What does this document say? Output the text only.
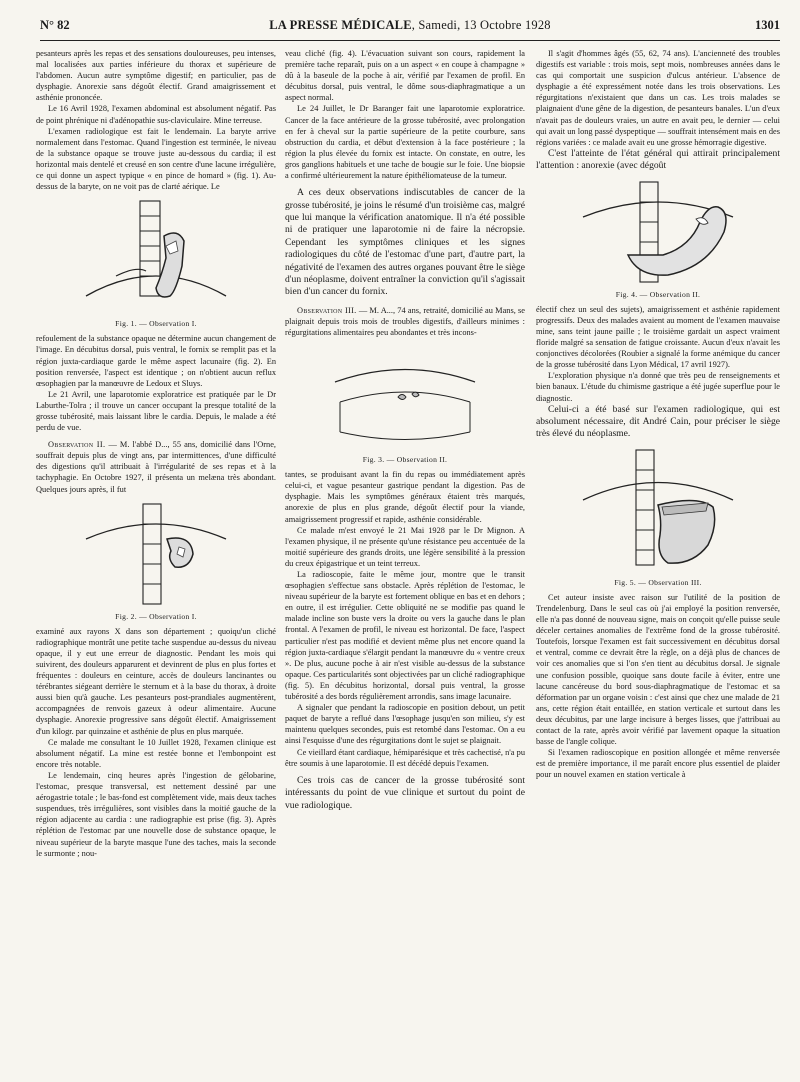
N° 82	LA PRESSE MÉDICALE, Samedi, 13 Octobre 1928	1301

pesanteurs après les repas et des sensations douloureuses, peu intenses, mal localisées aux parties inférieure du thorax et supérieure de l'abdomen. Aucun autre symptôme digestif; en particulier, pas de dysphagie. Anorexie sans dégoût électif. Grand amaigrissement et asthénie prononcée.

Le 16 Avril 1928, l'examen abdominal est absolument négatif. Pas de point phrénique ni d'adénopathie sus-claviculaire. Mine terreuse.

L'examen radiologique est fait le lendemain. La baryte arrive normalement dans l'estomac. Quand l'ingestion est terminée, le niveau de la substance opaque se trouve juste au-dessous du cardia; il est horizontal mais dentelé et creusé en son centre d'une lacune irrégulière, ce qui donne un aspect typique « en pince de homard » (fig. 1). Au-dessus de la baryte, on ne voit pas de clarté aérique. Le

Fig. 1. — Observation I.

refoulement de la substance opaque ne détermine aucun changement de l'image. En décubitus dorsal, puis ventral, le fornix se remplit pas et la région juxta-cardiaque garde le même aspect lacunaire (fig. 2). En position renversée, l'aspect est identique ; on n'obtient aucun reflux œsophagien par la manœuvre de Ledoux et Sluys.

Le 21 Avril, une laparotomie exploratrice est pratiquée par le Dr Laburthe-Tolra ; il trouve un cancer occupant la presque totalité de la grosse tubérosité, mais laissant libre le cardia. Depuis, le malade a été perdu de vue.

Observation II. — M. l'abbé D..., 55 ans, domicilié dans l'Orne, souffrait depuis plus de vingt ans, par intermittences, d'une difficulté des digestions qu'il attribuait à l'irrégularité de ses repas et à la tachyphagie. En Octobre 1927, il présenta un melæna très abondant. Quelques jours après, il fut

Fig. 2. — Observation I.

examiné aux rayons X dans son département ; quoiqu'un cliché radiographique montrât une petite tache suspendue au-dessus du niveau opaque, il y eut une erreur de diagnostic. Pendant les mois qui suivirent, des douleurs apparurent et devinrent de plus en plus fortes et fréquentes : douleurs en ceinture, accès de douleurs lancinantes ou térébrantes siégeant derrière le sternum et à la base du thorax, à droite aussi bien qu'à gauche. Les pesanteurs post-prandiales augmentèrent, accompagnées de renvois gazeux à odeur alimentaire. Aucune dysphagie. Anorexie progressive sans dégoût électif. Amaigrissement d'un kilogr. par quinzaine et asthénie de plus en plus marquée.

Ce malade me consultant le 10 Juillet 1928, l'examen clinique est absolument négatif. La mine est restée bonne et l'embonpoint est encore très notable.

Le lendemain, cinq heures après l'ingestion de gélobarine, l'estomac, presque transversal, est nettement dessiné par une aérogastrie totale ; le bas-fond est complètement vide, mais deux taches suspendues, très irrégulières, sont visibles dans la moitié gauche de la région adjacente au cardia : une radiographie est prise (fig. 3). Après réplétion de l'estomac par une nouvelle dose de substance opaque, le niveau supérieur de la baryte masque l'une des taches, mais la seconde le surmonte ; nou-

veau cliché (fig. 4). L'évacuation suivant son cours, rapidement la première tache reparaît, puis on a un aspect « en coupe à champagne » dû à la baseule de la poche à air, vérifié par l'examen de profil. En décubitus dorsal, puis ventral, le dôme sous-diaphragmatique a un aspect normal.

Le 24 Juillet, le Dr Baranger fait une laparotomie exploratrice. Cancer de la face antérieure de la grosse tubérosité, avec prolongation en fer à cheval sur la partie supérieure de la petite courbure, sans obstruction du cardia, et début d'extension à la face postérieure ; la région la plus élevée du fornix est intacte. On constate, en outre, les gros ganglions habituels et une tache de bougie sur le foie. Une biopsie a confirmé ultérieurement la nature épithéliomateuse de la tumeur.

A ces deux observations indiscutables de cancer de la grosse tubérosité, je joins le résumé d'un troisième cas, malgré que lui manque la vérification anatomique. Il n'a été possible ni de pratiquer une laparotomie ni de faire la nécropsie. Cependant les symptômes cliniques et les signes radiologiques du côté de l'estomac d'une part, d'autre part, la négativité de l'examen des autres organes pouvant être le siège d'un néoplasme, doivent entraîner la conviction qu'il s'agissait bien d'un cancer du fornix.

Observation III. — M. A..., 74 ans, retraité, domicilié au Mans, se plaignait depuis trois mois de troubles digestifs, d'ailleurs minimes : régurgitations alimentaires peu abondantes et très incons-

Fig. 3. — Observation II.

tantes, se produisant avant la fin du repas ou immédiatement après celui-ci, et vague pesanteur gastrique pendant la digestion. Pas de dysphagie. Mais les symptômes généraux étaient très marqués, anorexie de plus en plus grande, dégoût électif pour la viande, amaigrissement progressif et rapide, asthénie considérable.

Ce malade m'est envoyé le 21 Mai 1928 par le Dr Mignon. A l'examen physique, il ne présente qu'une résistance peu accentuée de la moitié supérieure des grands droits, une légère sensibilité à la pression du creux épigastrique et un teint terreux.

La radioscopie, faite le même jour, montre que le transit œsophagien s'effectue sans obstacle. Après réplétion de l'estomac, le niveau supérieur de la baryte est fortement oblique en bas et en dehors ; en outre, il est irrégulier. Cette obliquité ne se modifie pas quand le malade incline son buste vers la droite ou vers la gauche dans le plan frontal. A l'examen de profil, le niveau est horizontal. De face, l'aspect particulier n'est pas modifié et devient même plus net encore quand la région juxta-cardiaque s'élargit pendant la manœuvre du « ventre creux ». De plus, aucune poche à air n'est visible au-dessus de la substance opaque. Ces particularités sont objectivées par un cliché radiographique (fig. 5). En décubitus horizontal, dorsal puis ventral, la grosse tubérosité a des bords régulièrement arrondis, sans image lacunaire.

A signaler que pendant la radioscopie en position debout, un petit paquet de baryte a reflué dans l'œsophage jusqu'en son milieu, s'y est maintenu quelques secondes, puis est retombé dans l'estomac. On a eu ainsi l'esquisse d'une des régurgitations dont le sujet se plaignait.

Ce vieillard étant cardiaque, hémiparésique et très cachectisé, n'a pu être soumis à une laparotomie. Il est décédé depuis l'examen.

Ces trois cas de cancer de la grosse tubérosité sont intéressants du point de vue clinique et surtout du point de vue radiologique.

Il s'agit d'hommes âgés (55, 62, 74 ans). L'ancienneté des troubles digestifs est variable : trois mois, sept mois, nombreuses années dans le cas qui comportait une suspicion d'ulcus antérieur. L'absence de dysphagie a été expressément notée dans les trois observations. Les régurgitations n'existaient que dans un cas. Les trois malades se plaignaient d'une gêne de la digestion, de pesanteurs banales. L'un d'eux n'avait pas de douleurs vraies, un autre en avait peu, le dernier — celui qui avait un long passé dyspeptique — souffrait intensément mais en des régions variées : ce malade avait eu une grosse hémorragie digestive.

C'est l'atteinte de l'état général qui attirait principalement l'attention : anorexie (avec dégoût

Fig. 4. — Observation II.

électif chez un seul des sujets), amaigrissement et asthénie rapidement progressifs. Deux des malades avaient au moment de l'examen mauvaise mine, sans teint jaune paille ; le troisième gardait un aspect vraiment floride malgré sa sensation de fatigue croissante. Aucun d'eux n'avait les conjonctives décolorées (Roubier a signalé la forme anémique du cancer de la grosse tubérosité dans Lyon Médical, 17 avril 1927).

L'exploration physique n'a donné que très peu de renseignements et bien banaux. L'étude du chimisme gastrique a été jugée superflue pour le diagnostic.

Celui-ci a été basé sur l'examen radiologique, qui est absolument nécessaire, dit André Cain, pour préciser le siège très élevé du néoplasme.

Fig. 5. — Observation III.

Cet auteur insiste avec raison sur l'utilité de la position de Trendelenburg. Dans le seul cas où j'ai employé la position renversée, elle n'a pas donné de nouveau signe, mais on conçoit qu'elle puisse seule déceler certaines anomalies de l'extrême fond de la grosse tubérosité. Toutefois, lorsque l'examen est fait successivement en décubitus dorsal et ventral, comme ce devrait être la règle, on a déjà plus de chances de voir ces anomalies que si l'on s'en tient au décubitus dorsal. Je signale une confusion possible, quoique sans doute facile à éviter, entre une lacune cancéreuse du bord sous-diaphragmatique de l'estomac et sa déformation par un organe voisin : c'est ainsi que chez une malade de 21 ans, cette région était entaillée, en station verticale et surtout dans les deux décubitus, par une large incisure à berges lisses, que j'attribuai au contact de la rate, après avoir vérifié par lavement opaque la situation basse de l'angle colique.

Si l'examen radioscopique en position allongée et même renversée est de première importance, il me paraît encore plus essentiel de plaider pour un nouvel examen en station verticale à
